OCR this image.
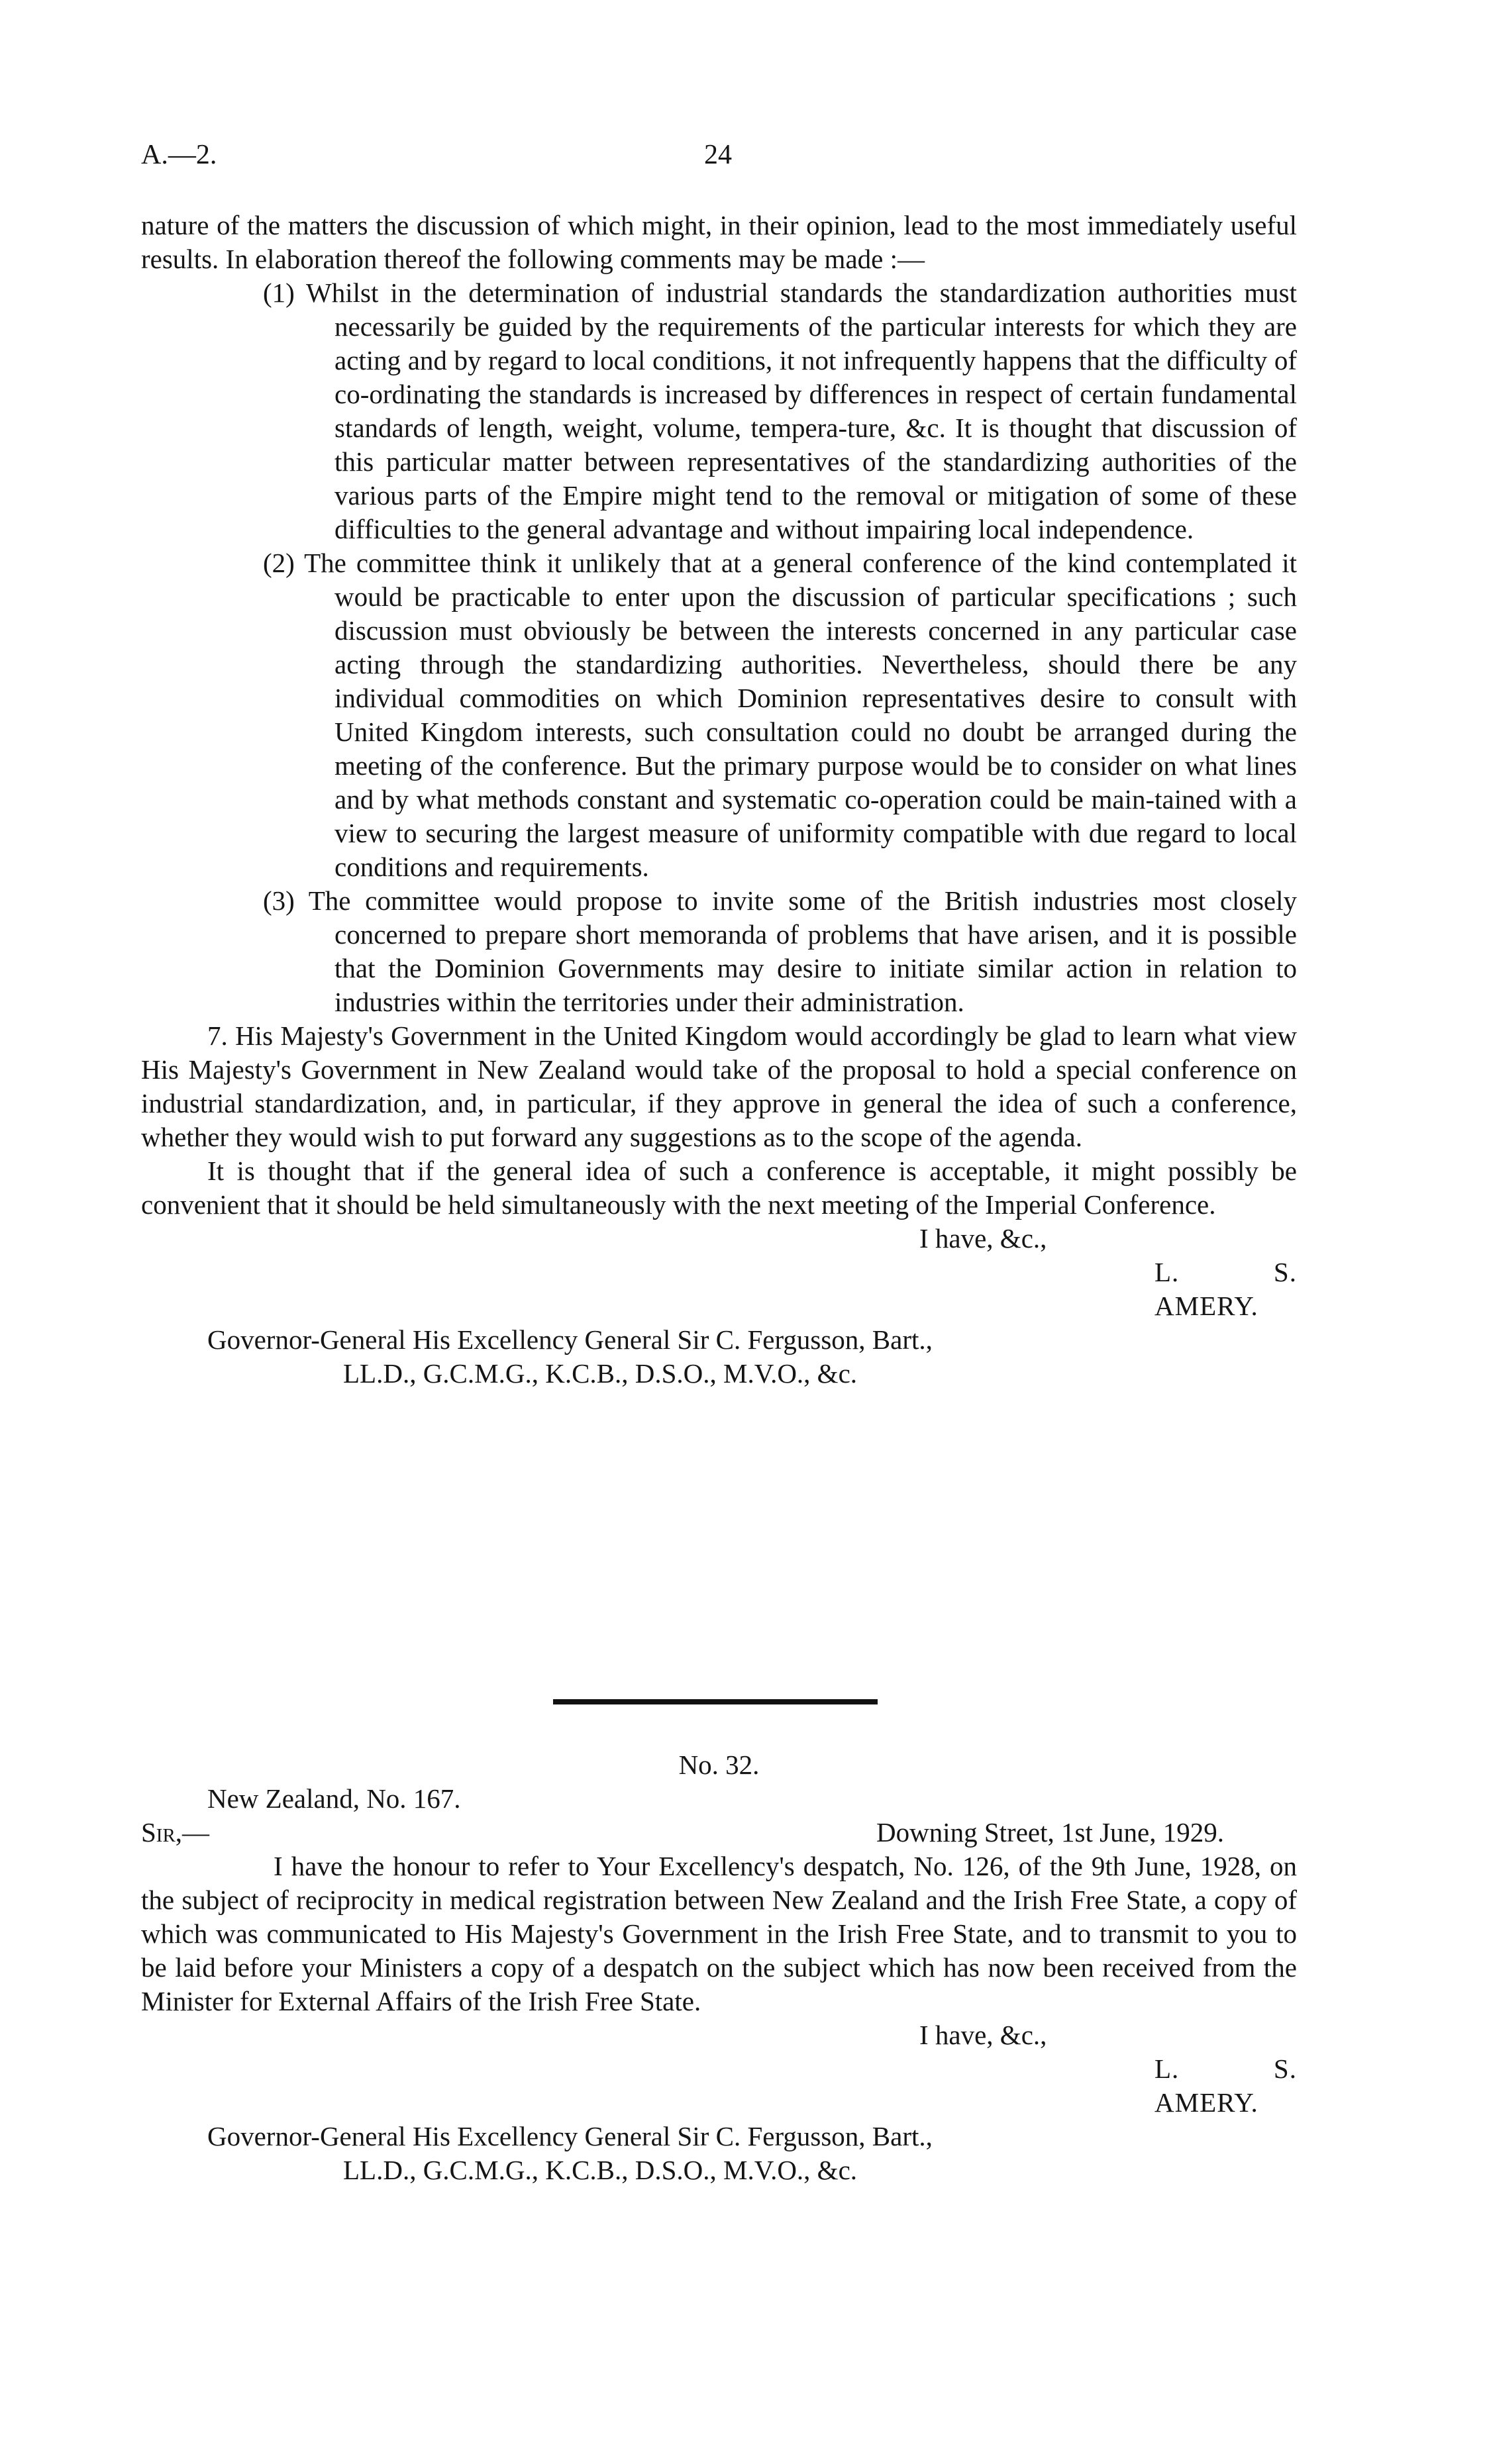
A.—2.	24

nature of the matters the discussion of which might, in their opinion, lead to the most immediately useful results. In elaboration thereof the following comments may be made :—

(1) Whilst in the determination of industrial standards the standardization authorities must necessarily be guided by the requirements of the particular interests for which they are acting and by regard to local conditions, it not infrequently happens that the difficulty of co-ordinating the standards is increased by differences in respect of certain fundamental standards of length, weight, volume, tempera-ture, &c. It is thought that discussion of this particular matter between representatives of the standardizing authorities of the various parts of the Empire might tend to the removal or mitigation of some of these difficulties to the general advantage and without impairing local independence.

(2) The committee think it unlikely that at a general conference of the kind contemplated it would be practicable to enter upon the discussion of particular specifications ; such discussion must obviously be between the interests concerned in any particular case acting through the standardizing authorities. Nevertheless, should there be any individual commodities on which Dominion representatives desire to consult with United Kingdom interests, such consultation could no doubt be arranged during the meeting of the conference. But the primary purpose would be to consider on what lines and by what methods constant and systematic co-operation could be main-tained with a view to securing the largest measure of uniformity compatible with due regard to local conditions and requirements.

(3) The committee would propose to invite some of the British industries most closely concerned to prepare short memoranda of problems that have arisen, and it is possible that the Dominion Governments may desire to initiate similar action in relation to industries within the territories under their administration.

7. His Majesty's Government in the United Kingdom would accordingly be glad to learn what view His Majesty's Government in New Zealand would take of the proposal to hold a special conference on industrial standardization, and, in particular, if they approve in general the idea of such a conference, whether they would wish to put forward any suggestions as to the scope of the agenda.

It is thought that if the general idea of such a conference is acceptable, it might possibly be convenient that it should be held simultaneously with the next meeting of the Imperial Conference.

I have, &c.,

L. S. AMERY.

Governor-General His Excellency General Sir C. Fergusson, Bart.,

LL.D., G.C.M.G., K.C.B., D.S.O., M.V.O., &c.

No. 32.

New Zealand, No. 167.

Sir,—	Downing Street, 1st June, 1929.

I have the honour to refer to Your Excellency's despatch, No. 126, of the 9th June, 1928, on the subject of reciprocity in medical registration between New Zealand and the Irish Free State, a copy of which was communicated to His Majesty's Government in the Irish Free State, and to transmit to you to be laid before your Ministers a copy of a despatch on the subject which has now been received from the Minister for External Affairs of the Irish Free State.

I have, &c.,

L. S. AMERY.

Governor-General His Excellency General Sir C. Fergusson, Bart.,

LL.D., G.C.M.G., K.C.B., D.S.O., M.V.O., &c.
